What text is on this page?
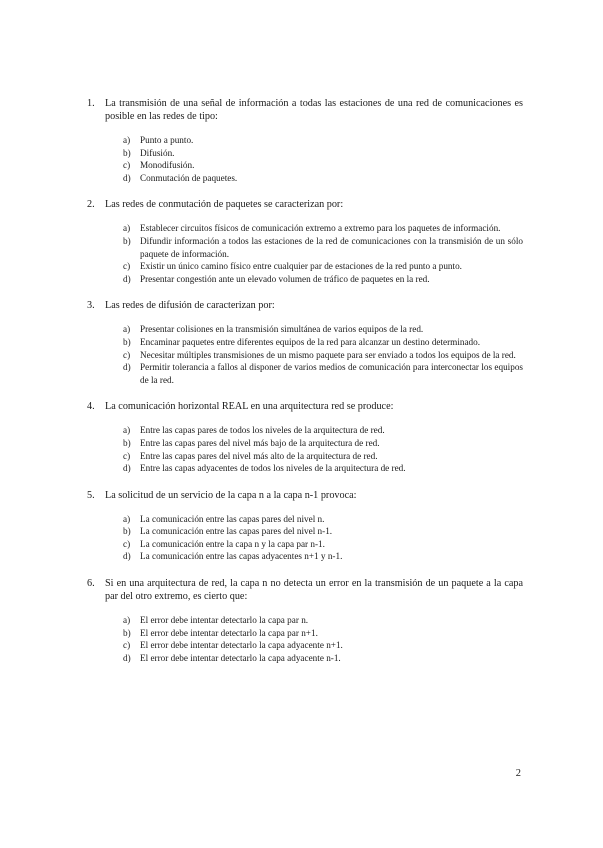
1. La transmisión de una señal de información a todas las estaciones de una red de comunicaciones es posible en las redes de tipo:
a) Punto a punto.
b) Difusión.
c) Monodifusión.
d) Conmutación de paquetes.
2. Las redes de conmutación de paquetes se caracterizan por:
a) Establecer circuitos físicos de comunicación extremo a extremo para los paquetes de información.
b) Difundir información a todos las estaciones de la red de comunicaciones con la transmisión de un sólo paquete de información.
c) Existir un único camino físico entre cualquier par de estaciones de la red punto a punto.
d) Presentar congestión ante un elevado volumen de tráfico de paquetes en la red.
3. Las redes de difusión de caracterizan por:
a) Presentar colisiones en la transmisión simultánea de varios equipos de la red.
b) Encaminar paquetes entre diferentes equipos de la red para alcanzar un destino determinado.
c) Necesitar múltiples transmisiones de un mismo paquete para ser enviado a todos los equipos de la red.
d) Permitir tolerancia a fallos al disponer de varios medios de comunicación para interconectar los equipos de la red.
4. La comunicación horizontal REAL en una arquitectura red se produce:
a) Entre las capas pares de todos los niveles de la arquitectura de red.
b) Entre las capas pares del nivel más bajo de la arquitectura de red.
c) Entre las capas pares del nivel más alto de la arquitectura de red.
d) Entre las capas adyacentes de todos los niveles de la arquitectura de red.
5. La solicitud de un servicio de la capa n a la capa n-1 provoca:
a) La comunicación entre las capas pares del nivel n.
b) La comunicación entre las capas pares del nivel n-1.
c) La comunicación entre la capa n y la capa par n-1.
d) La comunicación entre las capas adyacentes n+1 y n-1.
6. Si en una arquitectura de red, la capa n no detecta un error en la transmisión de un paquete a la capa par del otro extremo, es cierto que:
a) El error debe intentar detectarlo la capa par n.
b) El error debe intentar detectarlo la capa par n+1.
c) El error debe intentar detectarlo la capa adyacente n+1.
d) El error debe intentar detectarlo la capa adyacente n-1.
2
